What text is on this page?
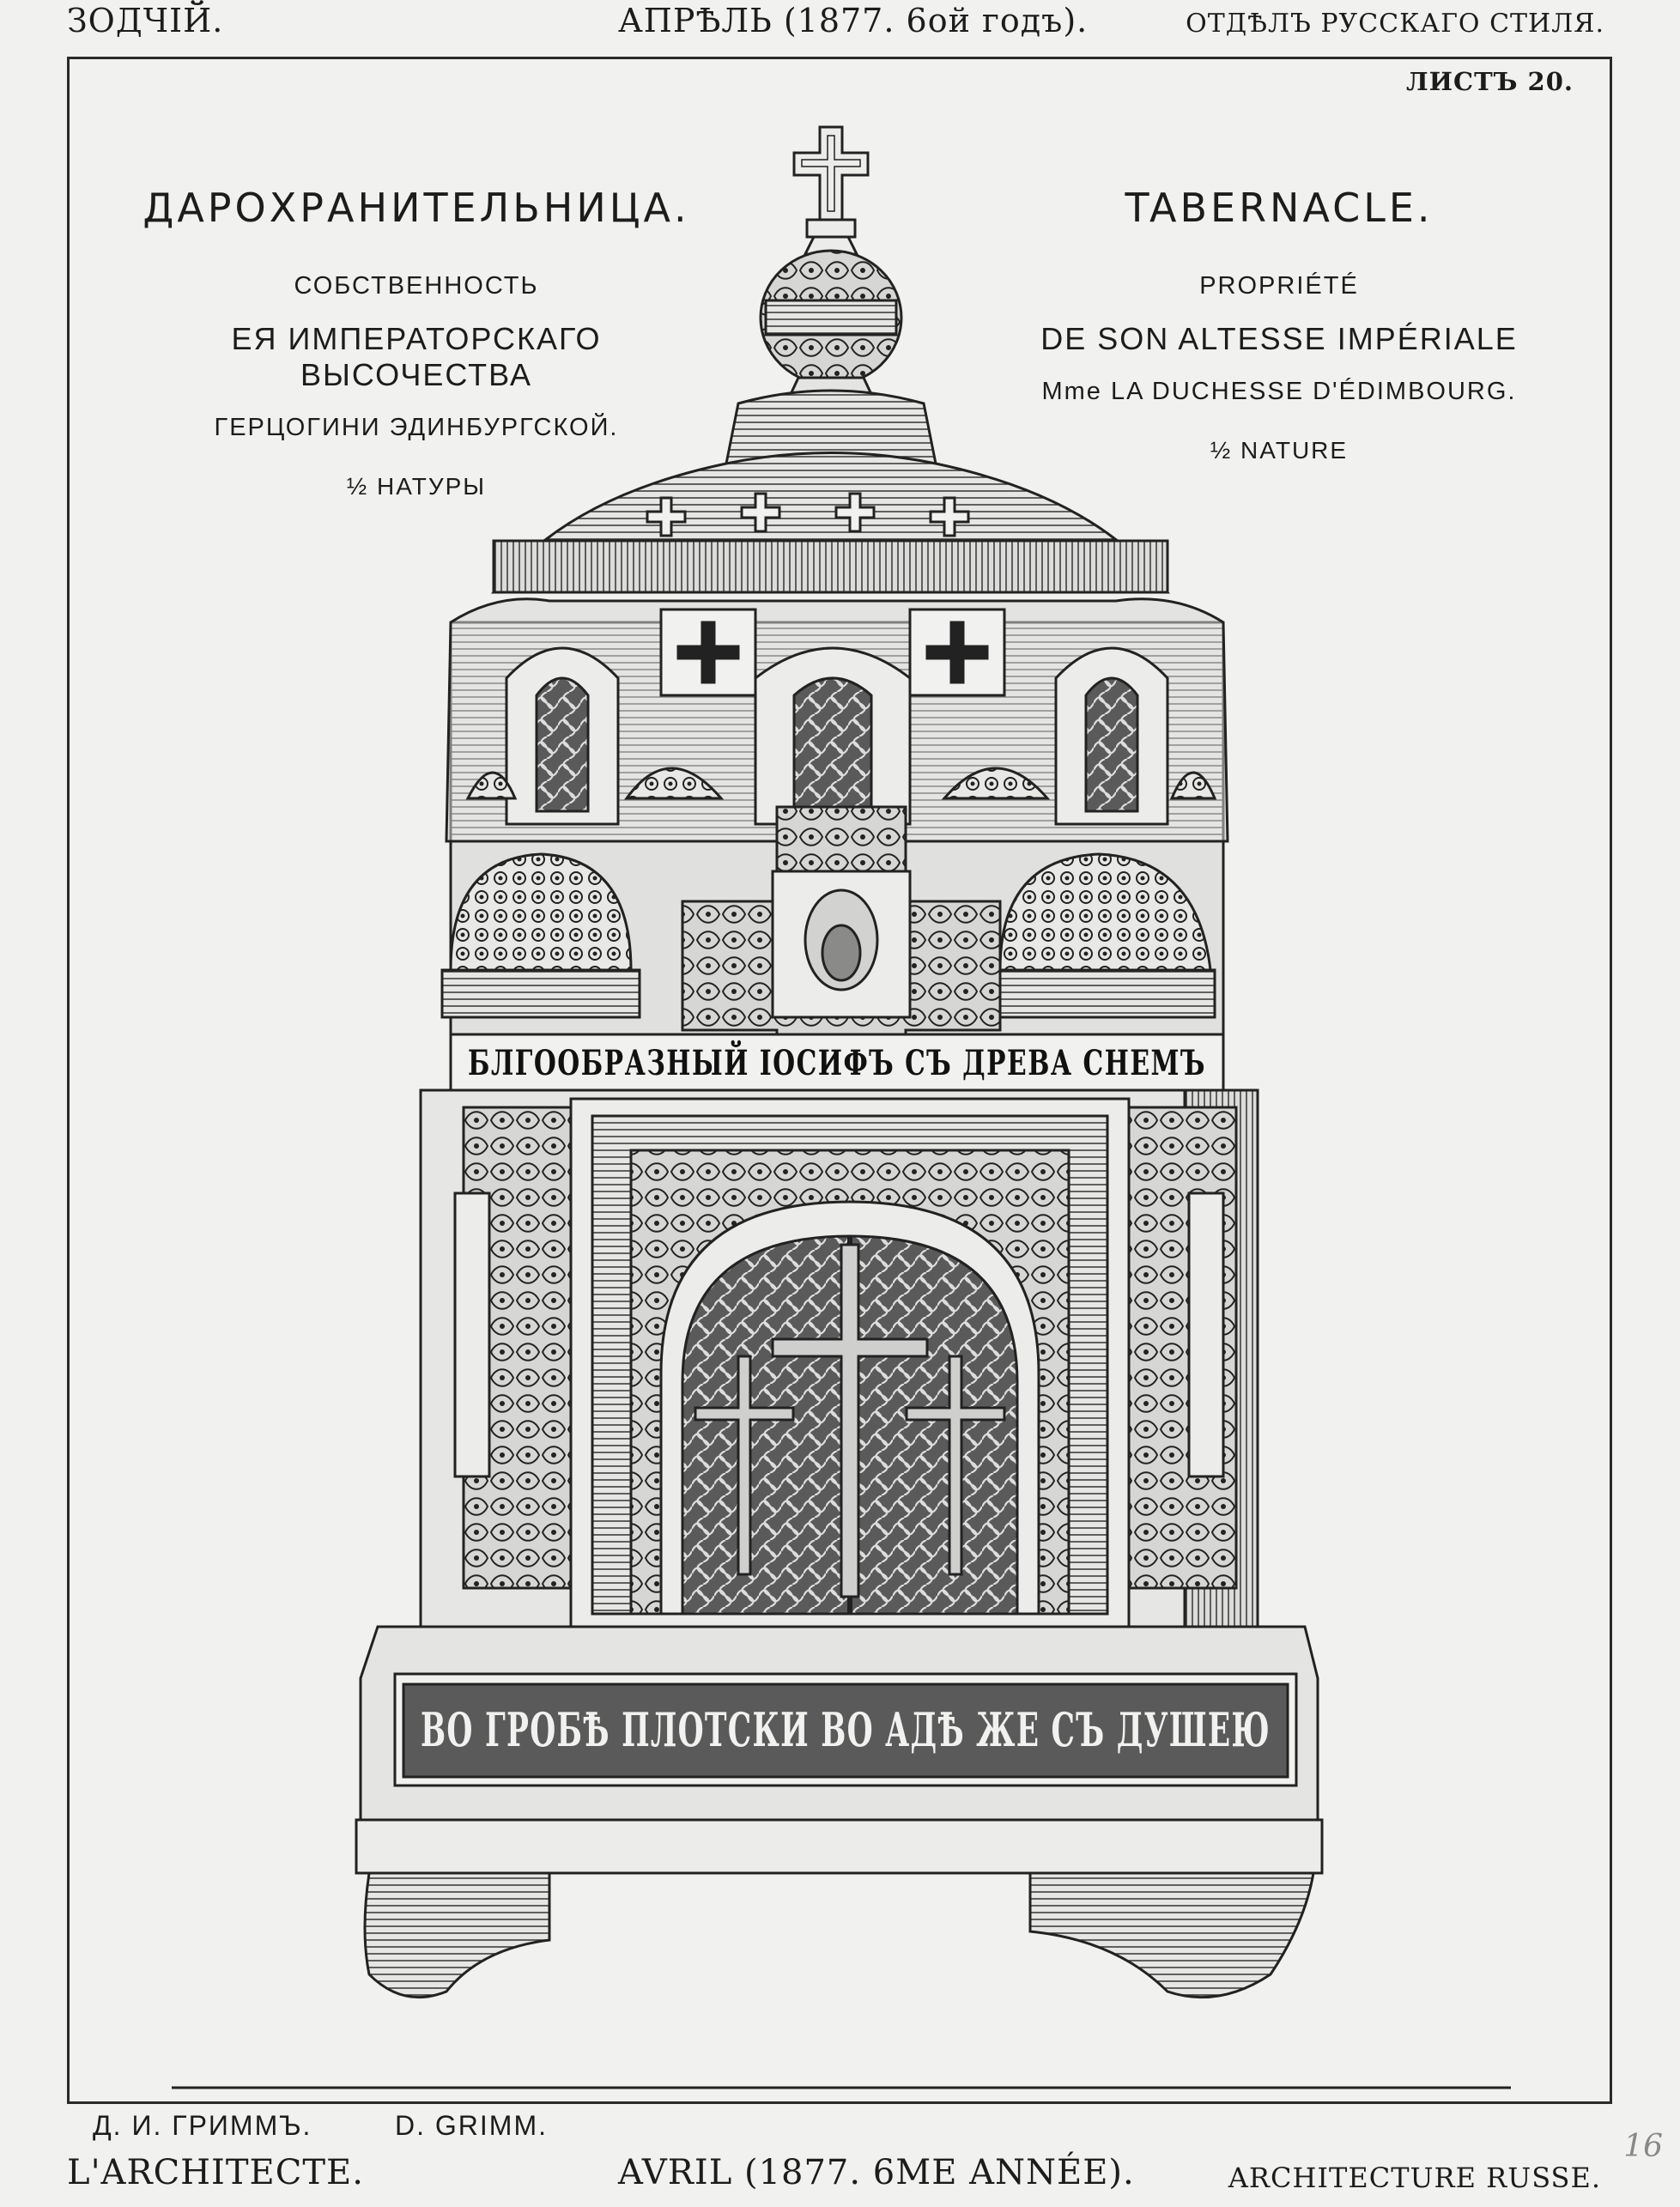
ЗОДЧIЙ.	АПРѢЛЬ (1877. 6ой годъ).	ОТДѢЛЪ РУССКАГО СТИЛЯ.
ЛИСТЪ 20.
ДАРОХРАНИТЕЛЬНИЦА.
СОБСТВЕННОСТЬ
ЕЯ ИМПЕРАТОРСКАГО ВЫСОЧЕСТВА
ГЕРЦОГИНИ ЭДИНБУРГСКОЙ.
½ НАТУРЫ
TABERNACLE.
PROPRIÉTÉ
DE SON ALTESSE IMPÉRIALE
Mme LA DUCHESSE D'ÉDIMBOURG.
½ NATURE
БЛГООБРАЗНЫЙ ІОСИФЪ СЪ ДРЕВА СНЕМЪ
ВО ГРОБѢ ПЛОТСКИ ВО АДѢ ЖЕ СЪ ДУШЕЮ
Д. И. ГРИММЪ.	D. GRIMM.
L'ARCHITECTE.	AVRIL (1877. 6ME ANNÉE).	ARCHITECTURE RUSSE.
16
